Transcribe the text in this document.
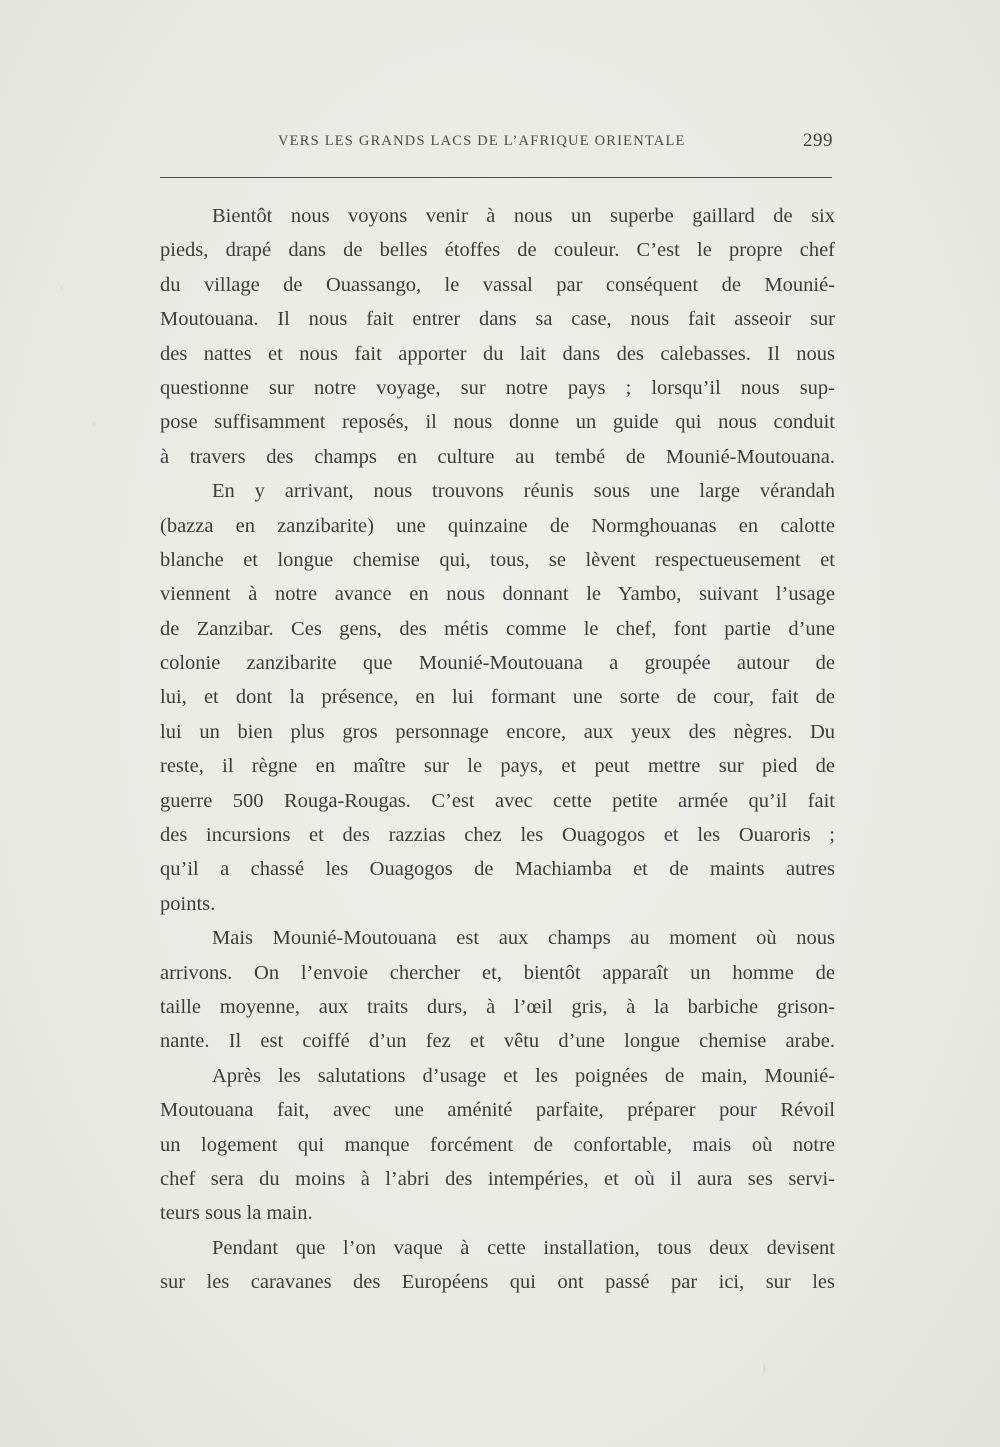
VERS LES GRANDS LACS DE L’AFRIQUE ORIENTALE	299
Bientôt nous voyons venir à nous un superbe gaillard de six
pieds, drapé dans de belles étoffes de couleur. C’est le propre chef
du village de Ouassango, le vassal par conséquent de Mounié-
Moutouana. Il nous fait entrer dans sa case, nous fait asseoir sur
des nattes et nous fait apporter du lait dans des calebasses. Il nous
questionne sur notre voyage, sur notre pays ; lorsqu’il nous sup-
pose suffisamment reposés, il nous donne un guide qui nous conduit
à travers des champs en culture au tembé de Mounié-Moutouana.
En y arrivant, nous trouvons réunis sous une large vérandah
(bazza en zanzibarite) une quinzaine de Normghouanas en calotte
blanche et longue chemise qui, tous, se lèvent respectueusement et
viennent à notre avance en nous donnant le Yambo, suivant l’usage
de Zanzibar. Ces gens, des métis comme le chef, font partie d’une
colonie zanzibarite que Mounié-Moutouana a groupée autour de
lui, et dont la présence, en lui formant une sorte de cour, fait de
lui un bien plus gros personnage encore, aux yeux des nègres. Du
reste, il règne en maître sur le pays, et peut mettre sur pied de
guerre 500 Rouga-Rougas. C’est avec cette petite armée qu’il fait
des incursions et des razzias chez les Ouagogos et les Ouaroris ;
qu’il a chassé les Ouagogos de Machiamba et de maints autres
points.
Mais Mounié-Moutouana est aux champs au moment où nous
arrivons. On l’envoie chercher et, bientôt apparaît un homme de
taille moyenne, aux traits durs, à l’œil gris, à la barbiche grison-
nante. Il est coiffé d’un fez et vêtu d’une longue chemise arabe.
Après les salutations d’usage et les poignées de main, Mounié-
Moutouana fait, avec une aménité parfaite, préparer pour Révoil
un logement qui manque forcément de confortable, mais où notre
chef sera du moins à l’abri des intempéries, et où il aura ses servi-
teurs sous la main.
Pendant que l’on vaque à cette installation, tous deux devisent
sur les caravanes des Européens qui ont passé par ici, sur les
